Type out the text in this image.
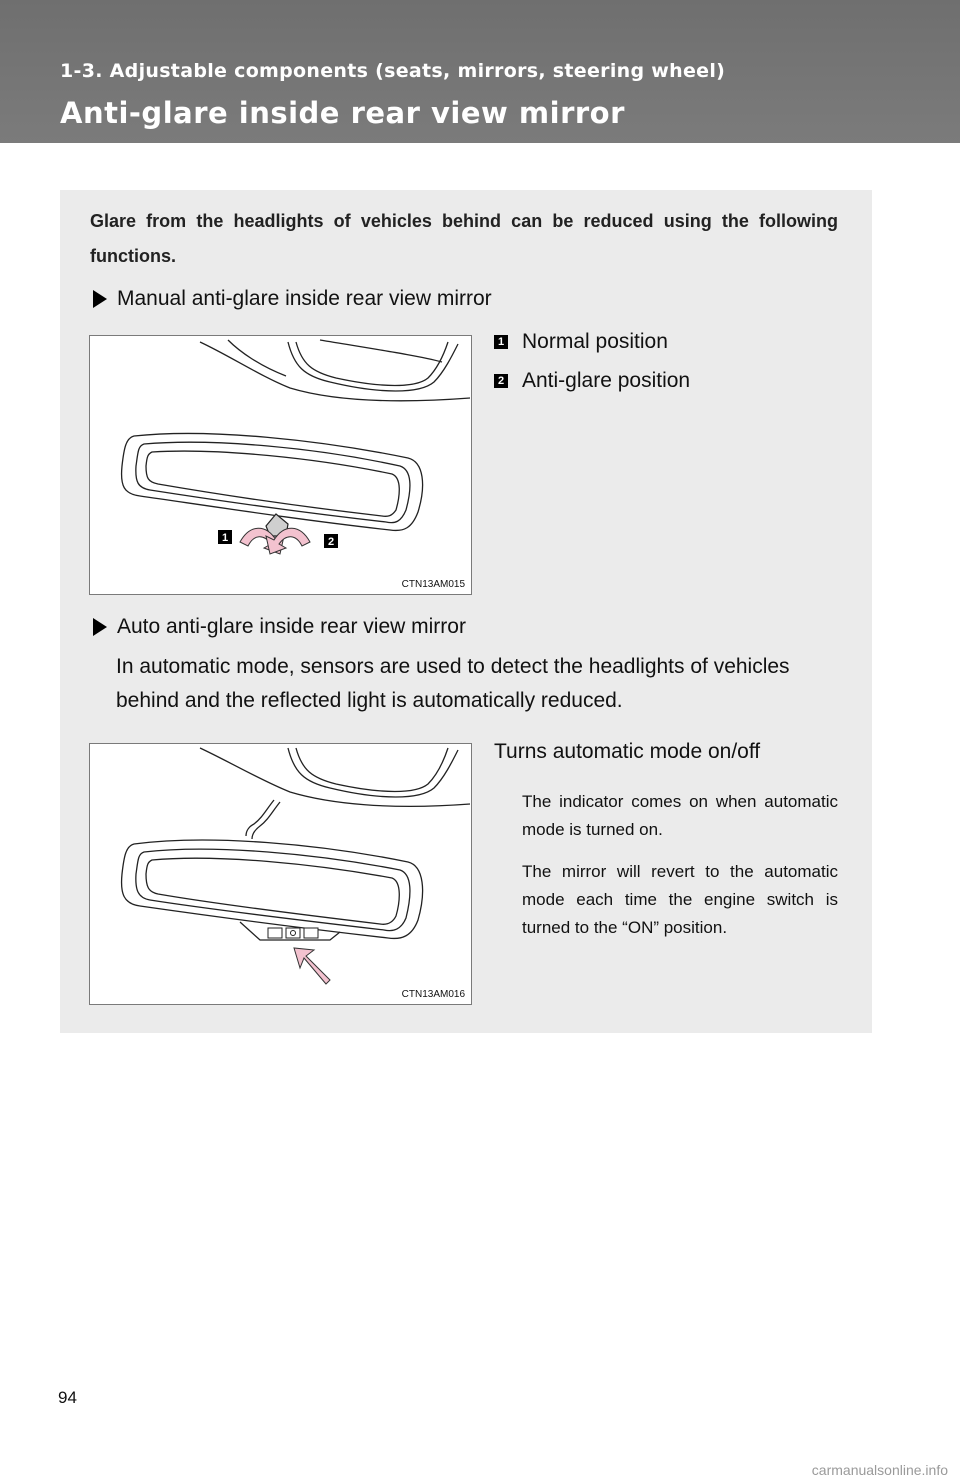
1-3. Adjustable components (seats, mirrors, steering wheel)
Anti-glare inside rear view mirror

Glare from the headlights of vehicles behind can be reduced using the following functions.

Manual anti-glare inside rear view mirror
1	2
CTN13AM015
1 Normal position
2 Anti-glare position
Auto anti-glare inside rear view mirror

In automatic mode, sensors are used to detect the headlights of vehicles behind and the reflected light is automatically reduced.

CTN13AM016
Turns automatic mode on/off

The indicator comes on when automatic mode is turned on.

The mirror will revert to the automatic mode each time the engine switch is turned to the “ON” position.

94
carmanualsonline.info
